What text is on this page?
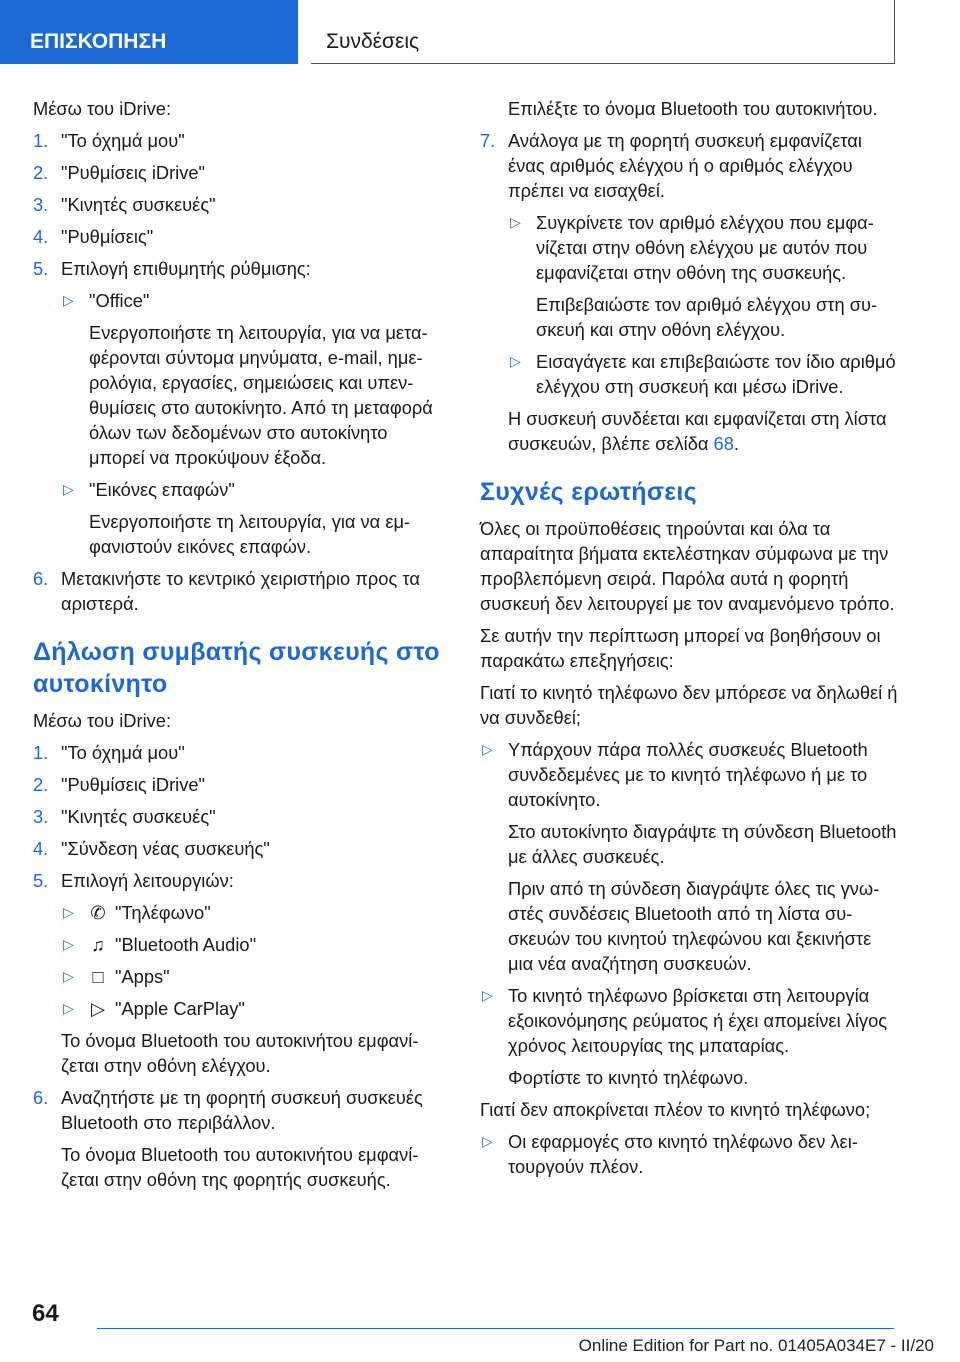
ΕΠΙΣΚΟΠΗΣΗ	Συνδέσεις

Μέσω του iDrive:

1. "Το όχημά μου"
2. "Ρυθμίσεις iDrive"
3. "Κινητές συσκευές"
4. "Ρυθμίσεις"
5. Επιλογή επιθυμητής ρύθμισης:
▷ "Office"

Ενεργοποιήστε τη λειτουργία, για να μεταφέρονται σύντομα μηνύματα, e-mail, ημερολόγια, εργασίες, σημειώσεις και υπενθυμίσεις στο αυτοκίνητο. Από τη μεταφορά όλων των δεδομένων στο αυτοκίνητο μπορεί να προκύψουν έξοδα.

▷ "Εικόνες επαφών"

Ενεργοποιήστε τη λειτουργία, για να εμφανιστούν εικόνες επαφών.

6. Μετακινήστε το κεντρικό χειριστήριο προς τα αριστερά.
Δήλωση συμβατής συσκευής στο αυτοκίνητο

Μέσω του iDrive:

1. "Το όχημά μου"
2. "Ρυθμίσεις iDrive"
3. "Κινητές συσκευές"
4. "Σύνδεση νέας συσκευής"
5. Επιλογή λειτουργιών:
▷ ✆ "Τηλέφωνο"
▷ ♫ "Bluetooth Audio"
▷ □ "Apps"
▷ ▷ "Apple CarPlay"

Το όνομα Bluetooth του αυτοκινήτου εμφανίζεται στην οθόνη ελέγχου.

6. Αναζητήστε με τη φορητή συσκευή συσκευές Bluetooth στο περιβάλλον.

Το όνομα Bluetooth του αυτοκινήτου εμφανίζεται στην οθόνη της φορητής συσκευής.

Επιλέξτε το όνομα Bluetooth του αυτοκινήτου.

7. Ανάλογα με τη φορητή συσκευή εμφανίζεται ένας αριθμός ελέγχου ή ο αριθμός ελέγχου πρέπει να εισαχθεί.
▷ Συγκρίνετε τον αριθμό ελέγχου που εμφανίζεται στην οθόνη ελέγχου με αυτόν που εμφανίζεται στην οθόνη της συσκευής.

Επιβεβαιώστε τον αριθμό ελέγχου στη συσκευή και στην οθόνη ελέγχου.

▷ Εισαγάγετε και επιβεβαιώστε τον ίδιο αριθμό ελέγχου στη συσκευή και μέσω iDrive.

Η συσκευή συνδέεται και εμφανίζεται στη λίστα συσκευών, βλέπε σελίδα 68.

Συχνές ερωτήσεις

Όλες οι προϋποθέσεις τηρούνται και όλα τα απαραίτητα βήματα εκτελέστηκαν σύμφωνα με την προβλεπόμενη σειρά. Παρόλα αυτά η φορητή συσκευή δεν λειτουργεί με τον αναμενόμενο τρόπο.

Σε αυτήν την περίπτωση μπορεί να βοηθήσουν οι παρακάτω επεξηγήσεις:

Γιατί το κινητό τηλέφωνο δεν μπόρεσε να δηλωθεί ή να συνδεθεί;

▷ Υπάρχουν πάρα πολλές συσκευές Bluetooth συνδεδεμένες με το κινητό τηλέφωνο ή με το αυτοκίνητο.

Στο αυτοκίνητο διαγράψτε τη σύνδεση Bluetooth με άλλες συσκευές.

Πριν από τη σύνδεση διαγράψτε όλες τις γνωστές συνδέσεις Bluetooth από τη λίστα συσκευών του κινητού τηλεφώνου και ξεκινήστε μια νέα αναζήτηση συσκευών.

▷ Το κινητό τηλέφωνο βρίσκεται στη λειτουργία εξοικονόμησης ρεύματος ή έχει απομείνει λίγος χρόνος λειτουργίας της μπαταρίας.

Φορτίστε το κινητό τηλέφωνο.

Γιατί δεν αποκρίνεται πλέον το κινητό τηλέφωνο;

▷ Οι εφαρμογές στο κινητό τηλέφωνο δεν λειτουργούν πλέον.
64
Online Edition for Part no. 01405A034E7 - II/20
